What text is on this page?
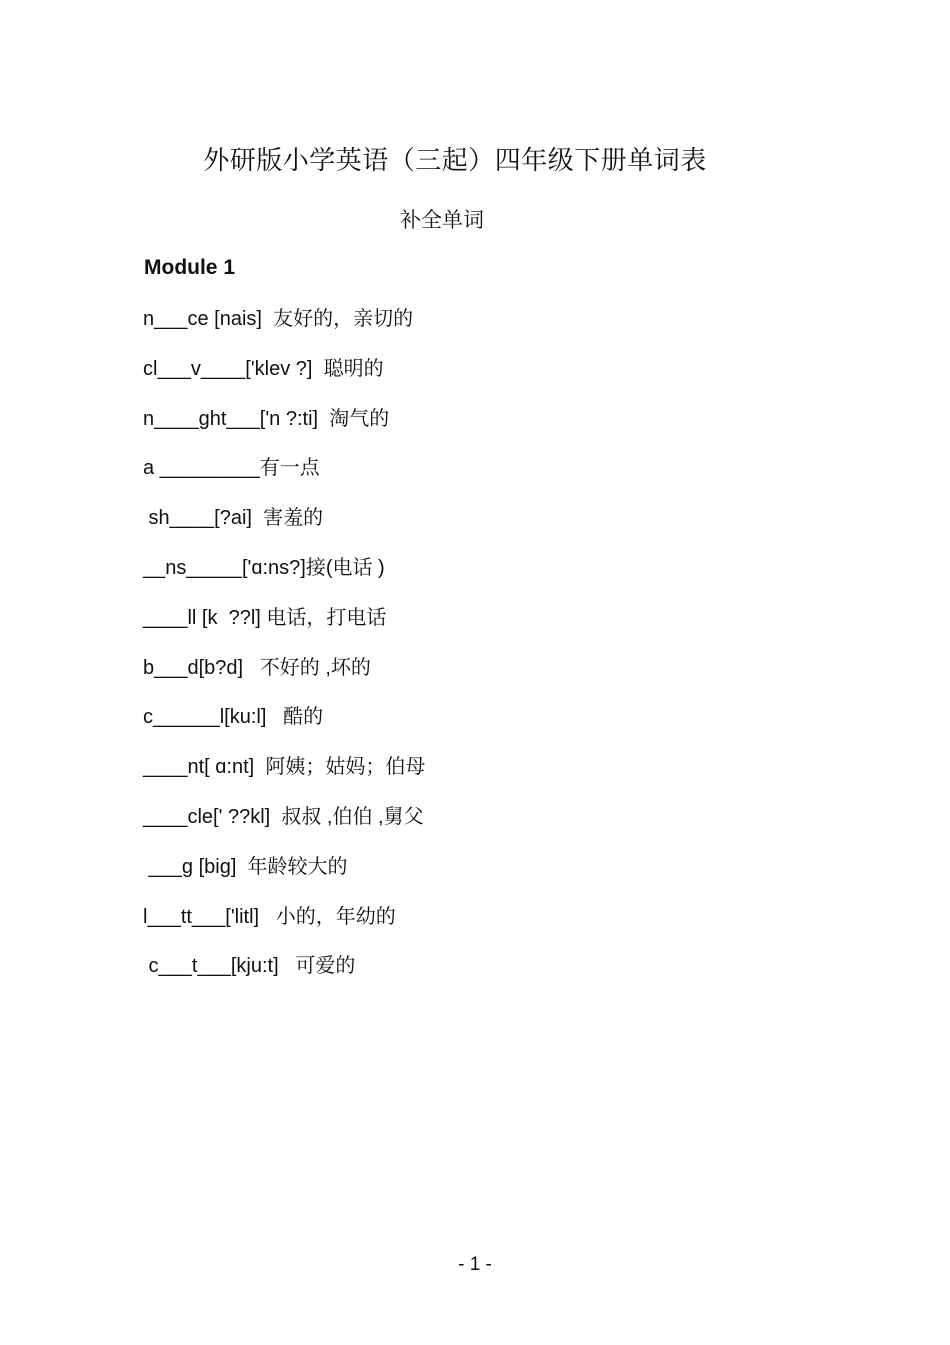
外研版小学英语（三起）四年级下册单词表
补全单词
Module 1
n___ce [nais]  友好的，亲切的
cl___v____['klev ?]  聪明的
n____ght___['n ?:ti]  淘气的
a _________有一点
sh____[?ai]  害羞的
__ns_____['ɑ:ns?]接(电话 )
____ll [k  ??l] 电话，打电话
b___d[b?d]   不好的 ,坏的
c______l[ku:l]   酷的
____nt[ ɑ:nt]  阿姨；姑妈；伯母
____cle[' ??kl]  叔叔 ,伯伯 ,舅父
___g [big]  年龄较大的
l___tt___['litl]   小的，年幼的
c___t___[kju:t]   可爱的
- 1 -
